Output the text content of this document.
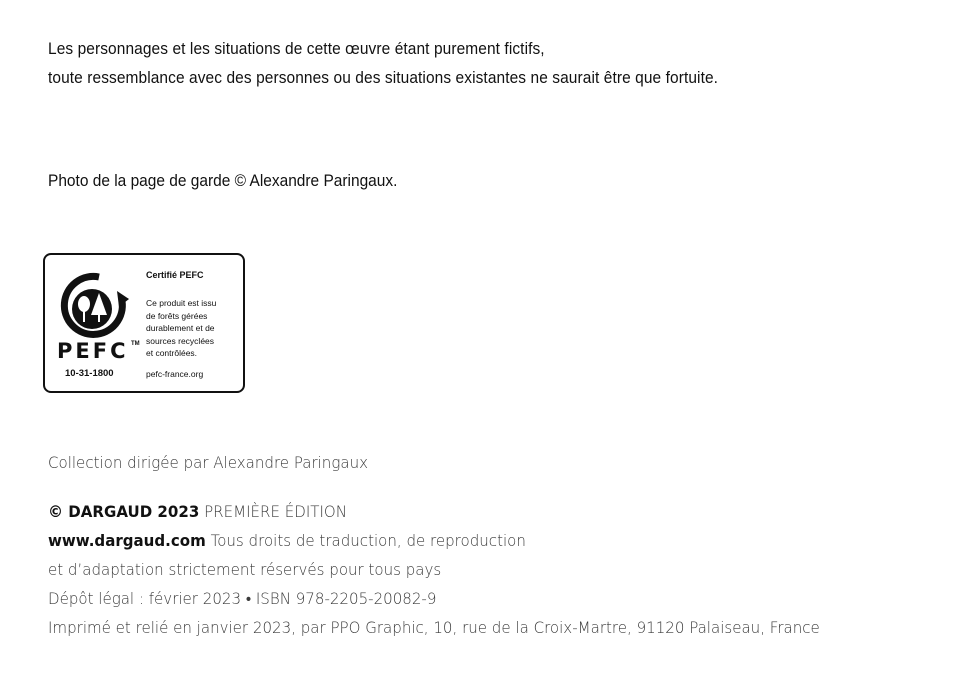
Les personnages et les situations de cette œuvre étant purement fictifs,
toute ressemblance avec des personnes ou des situations existantes ne saurait être que fortuite.
Photo de la page de garde © Alexandre Paringaux.
PEFC TM
10-31-1800
Certifié PEFC
Ce produit est issu
de forêts gérées
durablement et de
sources recyclées
et contrôlées.
pefc-france.org
Collection dirigée par Alexandre Paringaux
© DARGAUD 2023 PREMIÈRE ÉDITION
www.dargaud.com Tous droits de traduction, de reproduction
et d’adaptation strictement réservés pour tous pays
Dépôt légal : février 2023 • ISBN 978-2205-20082-9
Imprimé et relié en janvier 2023, par PPO Graphic, 10, rue de la Croix-Martre, 91120 Palaiseau, France
